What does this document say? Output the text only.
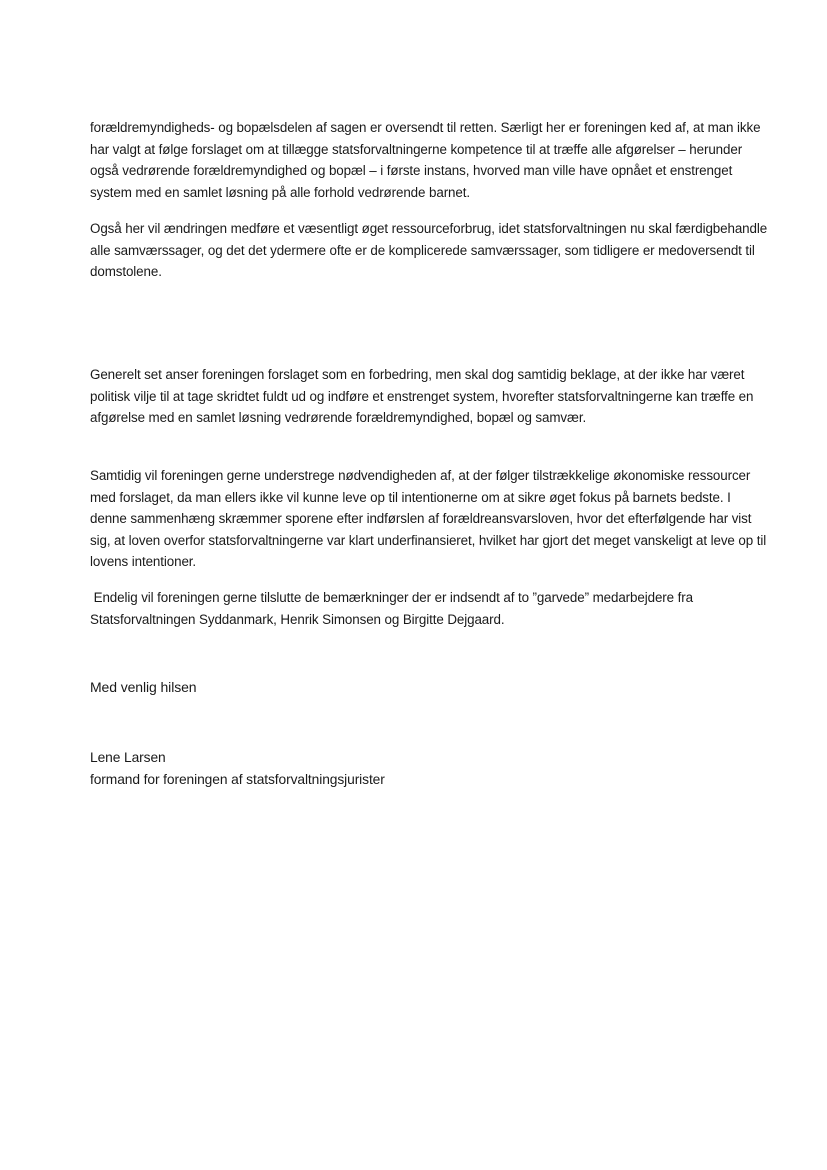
forældremyndigheds- og bopælsdelen af sagen er oversendt til retten. Særligt her er foreningen ked af, at man ikke har valgt at følge forslaget om at tillægge statsforvaltningerne kompetence til at træffe alle afgørelser – herunder også vedrørende forældremyndighed og bopæl – i første instans, hvorved man ville have opnået et enstrenget system med en samlet løsning på alle forhold vedrørende barnet.

Også her vil ændringen medføre et væsentligt øget ressourceforbrug, idet statsforvaltningen nu skal færdigbehandle alle samværssager, og det det ydermere ofte er de komplicerede samværssager, som tidligere er medoversendt til domstolene.

Generelt set anser foreningen forslaget som en forbedring, men skal dog samtidig beklage, at der ikke har været politisk vilje til at tage skridtet fuldt ud og indføre et enstrenget system, hvorefter statsforvaltningerne kan træffe en afgørelse med en samlet løsning vedrørende forældremyndighed, bopæl og samvær.

Samtidig vil foreningen gerne understrege nødvendigheden af, at der følger tilstrækkelige økonomiske ressourcer med forslaget, da man ellers ikke vil kunne leve op til intentionerne om at sikre øget fokus på barnets bedste. I denne sammenhæng skræmmer sporene efter indførslen af forældreansvarsloven, hvor det efterfølgende har vist sig, at loven overfor statsforvaltningerne var klart underfinansieret, hvilket har gjort det meget vanskeligt at leve op til lovens intentioner.

Endelig vil foreningen gerne tilslutte de bemærkninger der er indsendt af to ”garvede” medarbejdere fra Statsforvaltningen Syddanmark, Henrik Simonsen og Birgitte Dejgaard.

Med venlig hilsen
Lene Larsen
formand for foreningen af statsforvaltningsjurister
